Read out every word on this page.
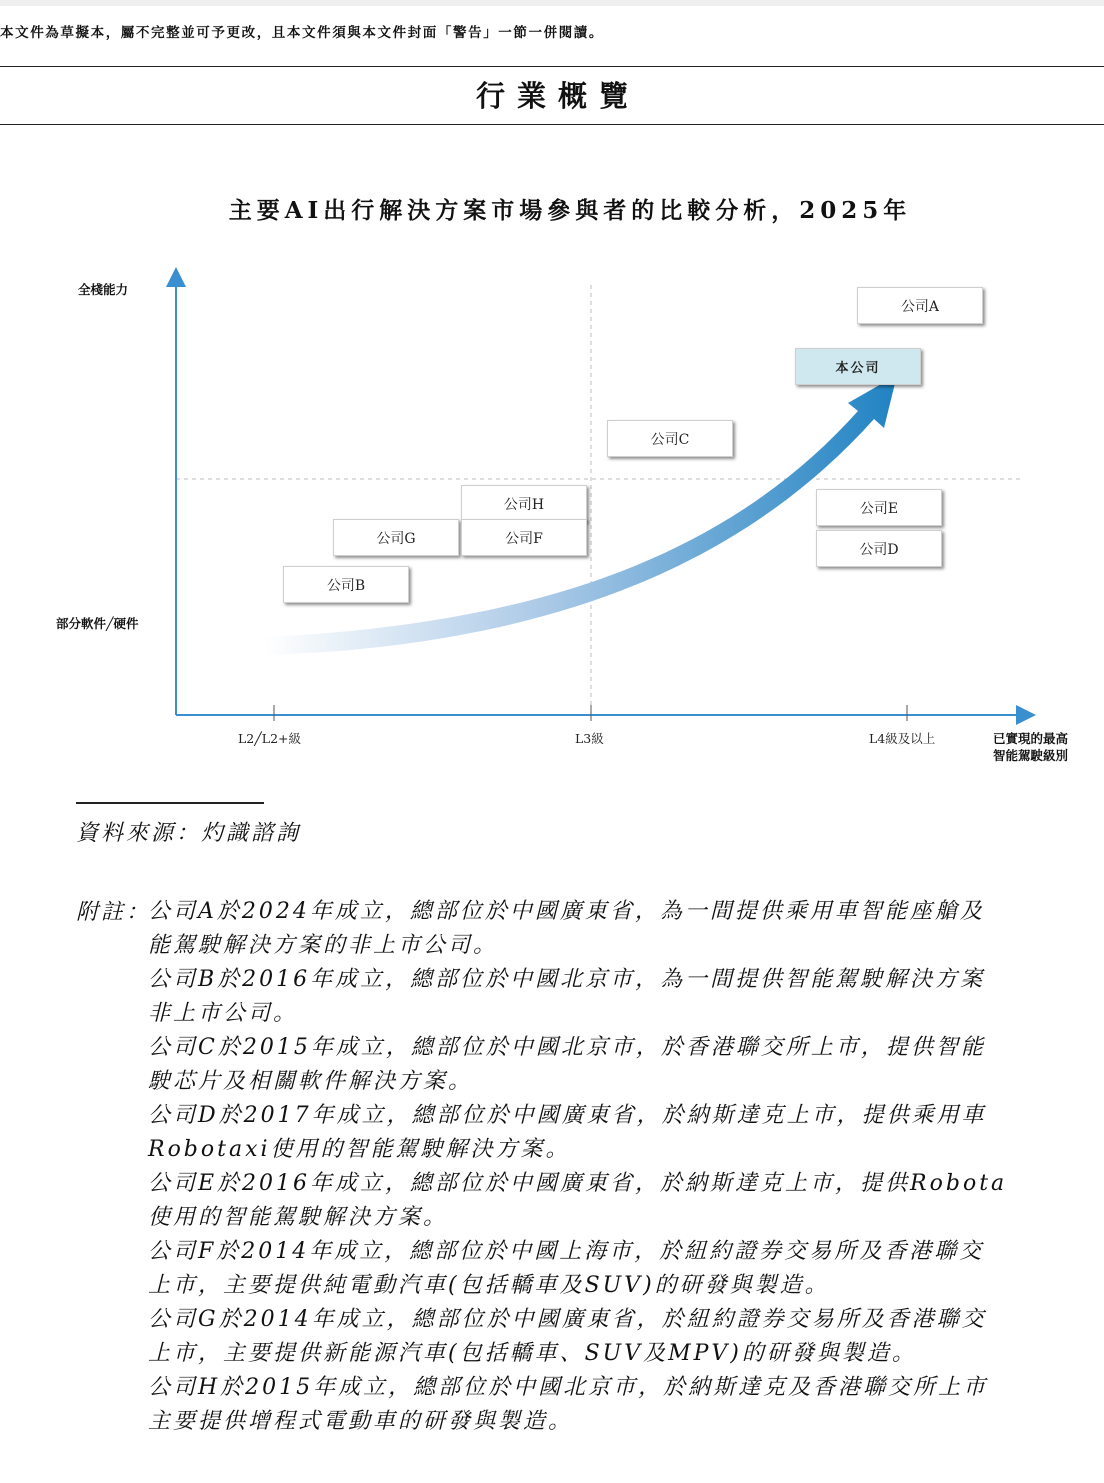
本文件為草擬本，屬不完整並可予更改，且本文件須與本文件封面「警告」一節一併閱讀。
行業概覽
主要AI出行解決方案市場參與者的比較分析，2025年
全棧能力
部分軟件╱硬件
L2╱L2+級	L3級	L4級及以上	已實現的最高
智能駕駛級別
公司A
本公司
公司C
公司H
公司G	公司F
公司E
公司D
公司B
資料來源：灼識諮詢
附註：
公司A於2024年成立，總部位於中國廣東省，為一間提供乘用車智能座艙及
能駕駛解決方案的非上市公司。
公司B於2016年成立，總部位於中國北京市，為一間提供智能駕駛解決方案
非上市公司。
公司C於2015年成立，總部位於中國北京市，於香港聯交所上市，提供智能
駛芯片及相關軟件解決方案。
公司D於2017年成立，總部位於中國廣東省，於納斯達克上市，提供乘用車
Robotaxi使用的智能駕駛解決方案。
公司E於2016年成立，總部位於中國廣東省，於納斯達克上市，提供Robota
使用的智能駕駛解決方案。
公司F於2014年成立，總部位於中國上海市，於紐約證券交易所及香港聯交
上市，主要提供純電動汽車(包括轎車及SUV)的研發與製造。
公司G於2014年成立，總部位於中國廣東省，於紐約證券交易所及香港聯交
上市，主要提供新能源汽車(包括轎車、SUV及MPV)的研發與製造。
公司H於2015年成立，總部位於中國北京市，於納斯達克及香港聯交所上市
主要提供增程式電動車的研發與製造。
